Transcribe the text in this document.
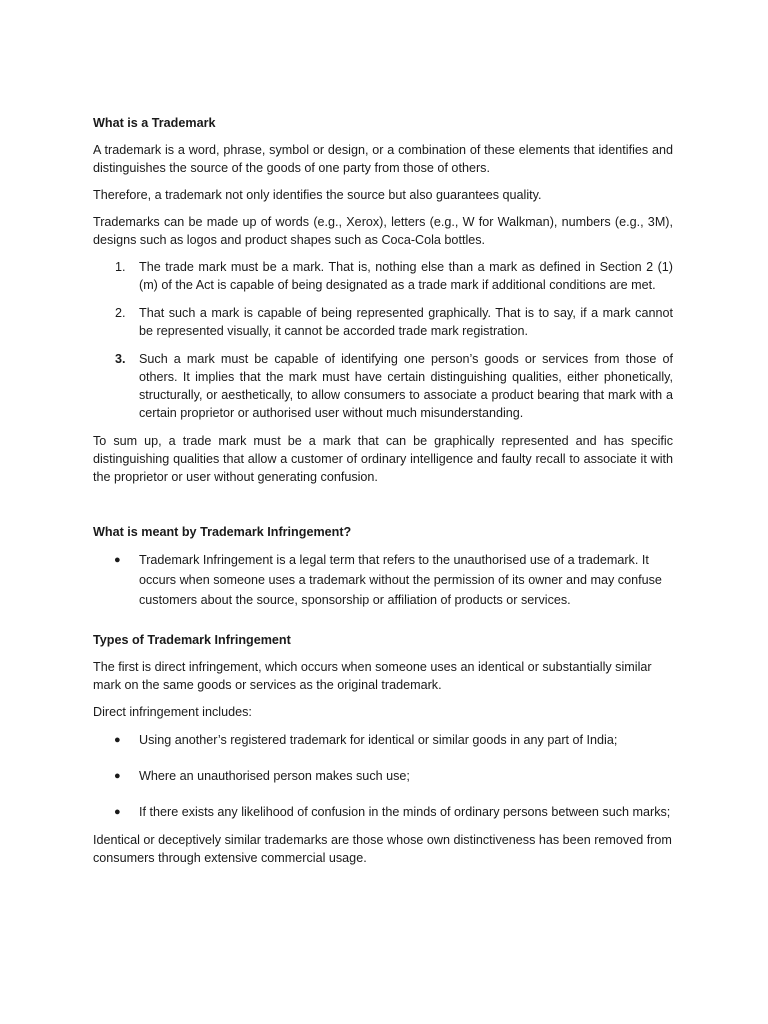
What is a Trademark

A trademark is a word, phrase, symbol or design, or a combination of these elements that identifies and distinguishes the source of the goods of one party from those of others.

Therefore, a trademark not only identifies the source but also guarantees quality.

Trademarks can be made up of words (e.g., Xerox), letters (e.g., W for Walkman), numbers (e.g., 3M), designs such as logos and product shapes such as Coca-Cola bottles.

1. The trade mark must be a mark. That is, nothing else than a mark as defined in Section 2 (1) (m) of the Act is capable of being designated as a trade mark if additional conditions are met.
2. That such a mark is capable of being represented graphically. That is to say, if a mark cannot be represented visually, it cannot be accorded trade mark registration.
3. Such a mark must be capable of identifying one person’s goods or services from those of others. It implies that the mark must have certain distinguishing qualities, either phonetically, structurally, or aesthetically, to allow consumers to associate a product bearing that mark with a certain proprietor or authorised user without much misunderstanding.

To sum up, a trade mark must be a mark that can be graphically represented and has specific distinguishing qualities that allow a customer of ordinary intelligence and faulty recall to associate it with the proprietor or user without generating confusion.

What is meant by Trademark Infringement?
● Trademark Infringement is a legal term that refers to the unauthorised use of a trademark. It occurs when someone uses a trademark without the permission of its owner and may confuse customers about the source, sponsorship or affiliation of products or services.
Types of Trademark Infringement

The first is direct infringement, which occurs when someone uses an identical or substantially similar mark on the same goods or services as the original trademark.

Direct infringement includes:

● Using another’s registered trademark for identical or similar goods in any part of India;
● Where an unauthorised person makes such use;
● If there exists any likelihood of confusion in the minds of ordinary persons between such marks;

Identical or deceptively similar trademarks are those whose own distinctiveness has been removed from consumers through extensive commercial usage.
